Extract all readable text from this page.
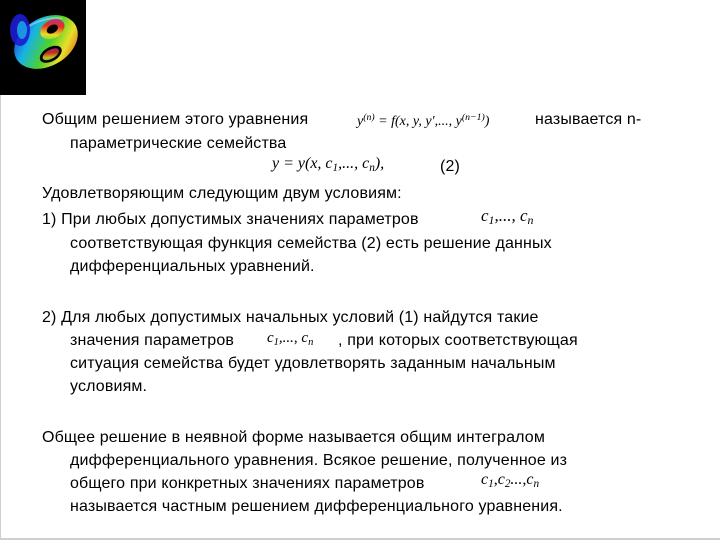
Общим решением этого уравнения	$y^{(n)} = f(x$, y, y′,..., $y^{(n-1)}$)	называется n-
параметрические семейства
y = y(x, $c_1$,..., $c_n$),	(2)
Удовлетворяющим следующим двум условиям:
1) При любых допустимых значениях параметров	$c_1$,..., $c_n$
соответствующая функция семейства (2) есть решение данных
дифференциальных уравнений.
2) Для любых допустимых начальных условий (1) найдутся такие
значения параметров $c_1$,..., $c_n$ , при которых соответствующая
ситуация семейства будет удовлетворять заданным начальным
условиям.
Общее решение в неявной форме называется общим интегралом
дифференциального уравнения. Всякое решение, полученное из
общего при конкретных значениях параметров	$c_1,c_2...,c_n$
называется частным решением дифференциального уравнения.
